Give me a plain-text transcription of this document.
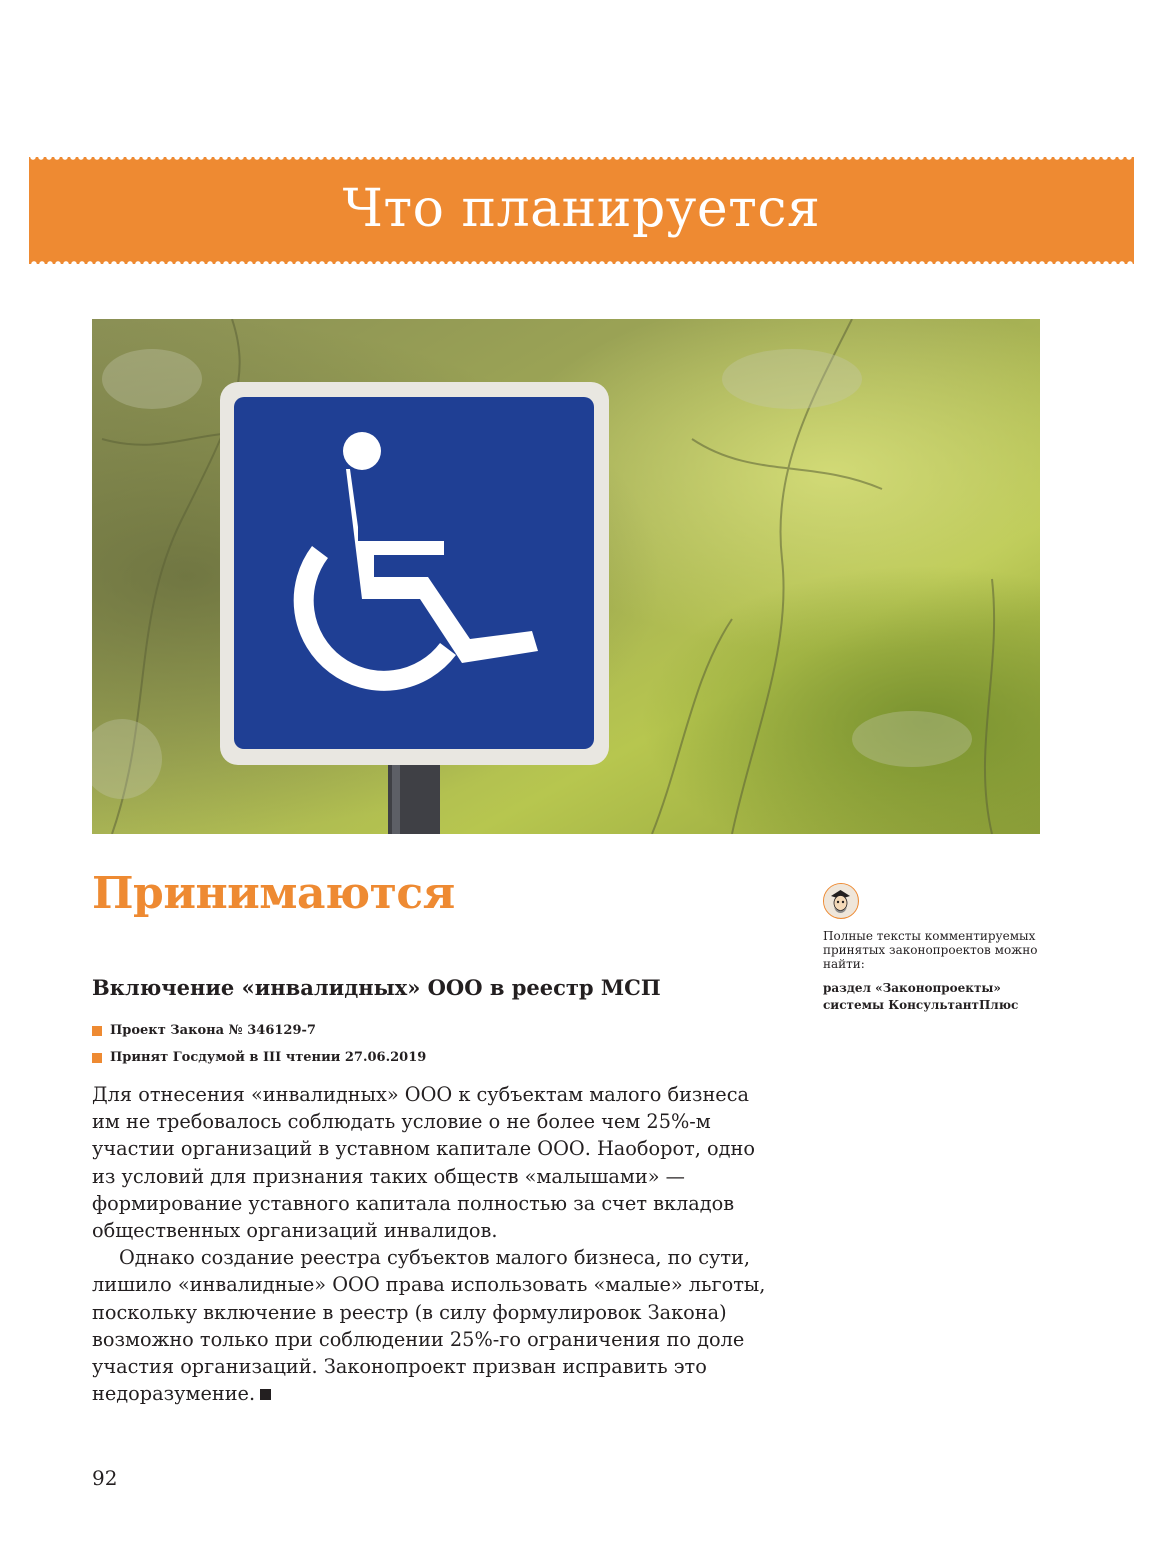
Что планируется
Принимаются
Включение «инвалидных» ООО в реестр МСП
Проект Закона № 346129-7
Принят Госдумой в III чтении 27.06.2019

Для отнесения «инвалидных» ООО к субъектам малого бизнеса им не требовалось соблюдать условие о не более чем 25%-м участии организаций в уставном капитале ООО. Наоборот, одно из условий для признания таких обществ «малышами» — формирование уставного капитала полностью за счет вкладов общественных организаций инвалидов.

Однако создание реестра субъектов малого бизнеса, по сути, лишило «инвалидные» ООО права использовать «малые» льготы, поскольку включение в реестр (в силу формулировок Закона) возможно только при соблюдении 25%-го ограничения по доле участия организаций. Законопроект призван исправить это недоразумение.

Полные тексты комментируемых принятых законопроектов можно найти:
раздел «Законопроекты» системы КонсультантПлюс
92
